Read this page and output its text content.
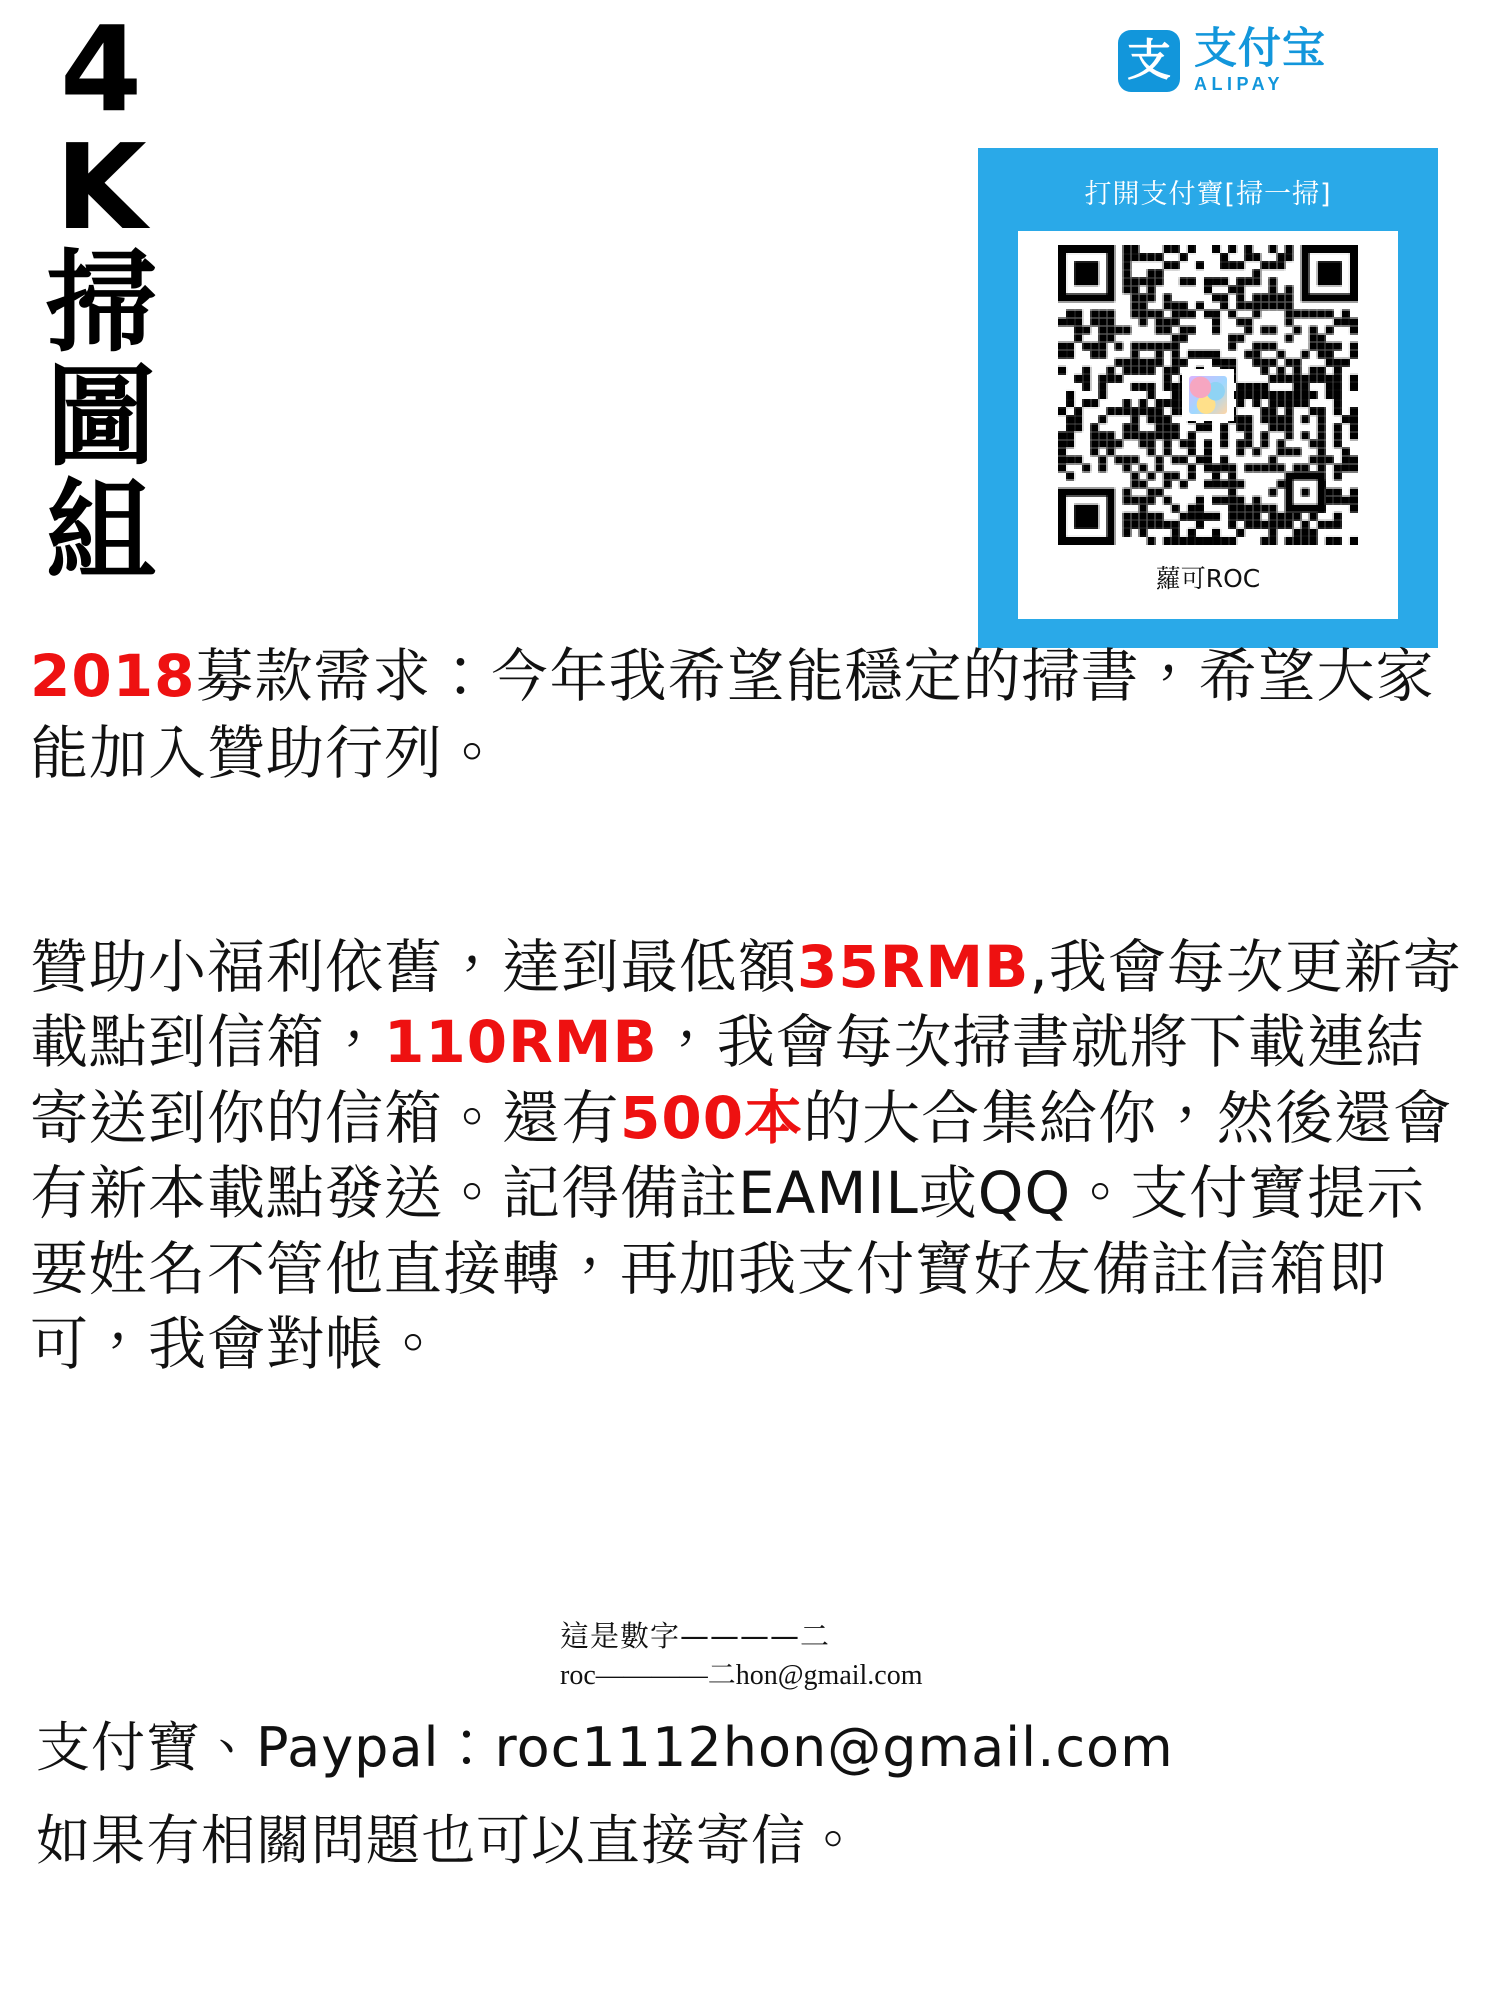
4
K
掃
圖
組
支 支付宝
ALIPAY
打開支付寶[掃一掃]
蘿可ROC
2018募款需求：今年我希望能穩定的掃書，希望大家能加入贊助行列。
贊助小福利依舊，達到最低額35RMB,我會每次更新寄載點到信箱，110RMB，我會每次掃書就將下載連結寄送到你的信箱。還有500本的大合集給你，然後還會有新本載點發送。記得備註EAMIL或QQ。支付寶提示要姓名不管他直接轉，再加我支付寶好友備註信箱即可，我會對帳。
這是數字————二
roc————二hon@gmail.com
支付寶、Paypal：roc1112hon@gmail.com
如果有相關問題也可以直接寄信。
